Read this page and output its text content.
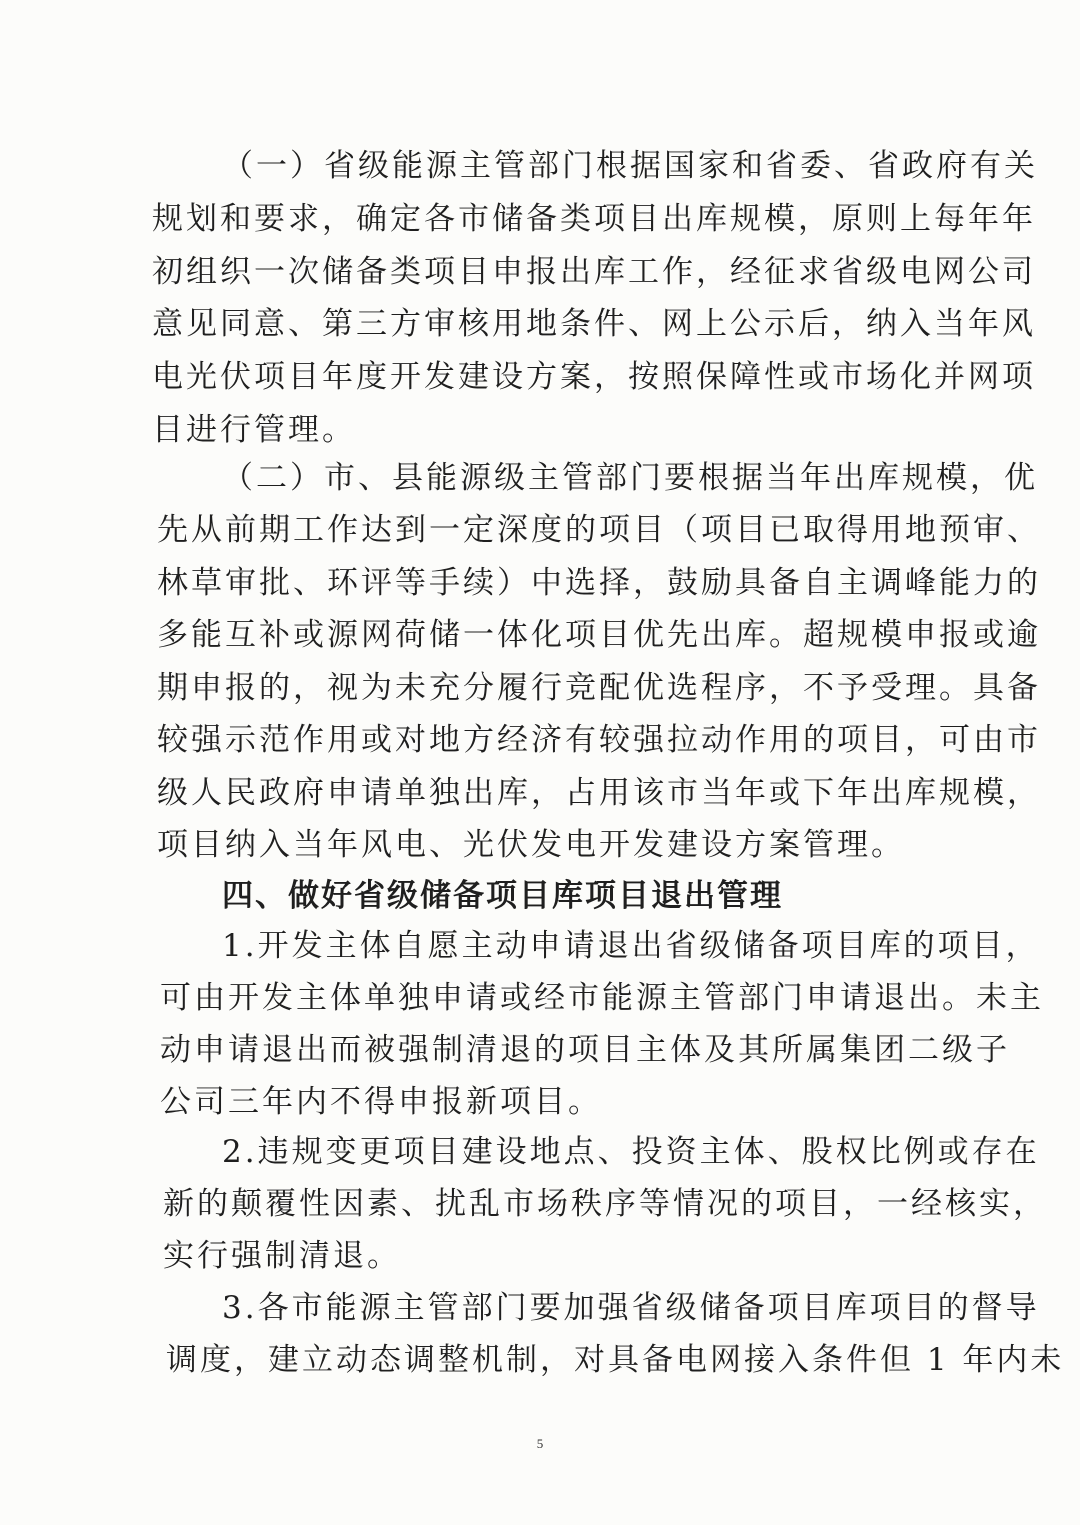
（一）省级能源主管部门根据国家和省委、省政府有关
规划和要求，确定各市储备类项目出库规模，原则上每年年
初组织一次储备类项目申报出库工作，经征求省级电网公司
意见同意、第三方审核用地条件、网上公示后，纳入当年风
电光伏项目年度开发建设方案，按照保障性或市场化并网项
目进行管理。
（二）市、县能源级主管部门要根据当年出库规模，优
先从前期工作达到一定深度的项目（项目已取得用地预审、
林草审批、环评等手续）中选择，鼓励具备自主调峰能力的
多能互补或源网荷储一体化项目优先出库。超规模申报或逾
期申报的，视为未充分履行竞配优选程序，不予受理。具备
较强示范作用或对地方经济有较强拉动作用的项目，可由市
级人民政府申请单独出库，占用该市当年或下年出库规模，
项目纳入当年风电、光伏发电开发建设方案管理。
四、做好省级储备项目库项目退出管理
1.开发主体自愿主动申请退出省级储备项目库的项目，
可由开发主体单独申请或经市能源主管部门申请退出。未主
动申请退出而被强制清退的项目主体及其所属集团二级子
公司三年内不得申报新项目。
2.违规变更项目建设地点、投资主体、股权比例或存在
新的颠覆性因素、扰乱市场秩序等情况的项目，一经核实，
实行强制清退。
3.各市能源主管部门要加强省级储备项目库项目的督导
调度，建立动态调整机制，对具备电网接入条件但 1 年内未
5
